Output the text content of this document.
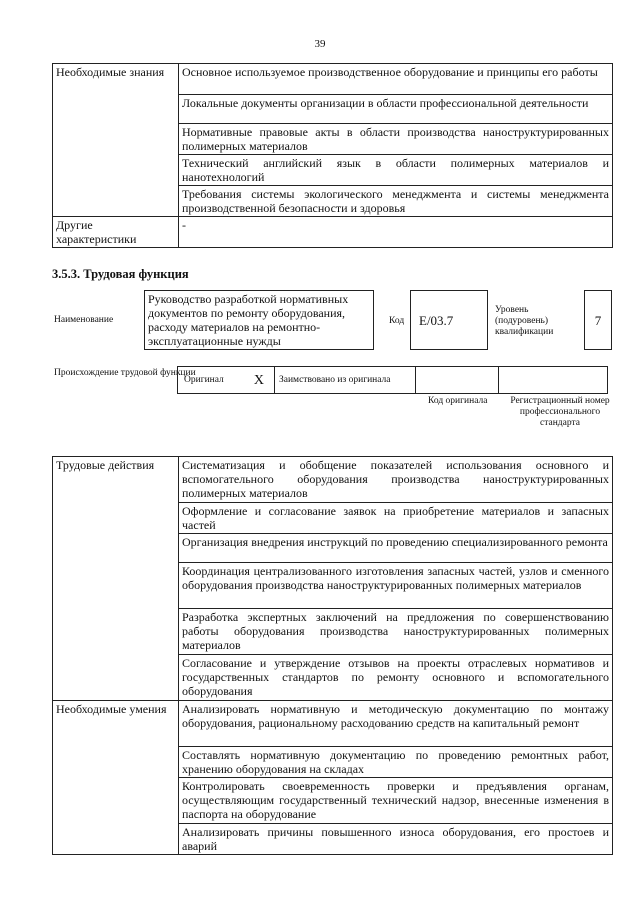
39
Необходимые знания	Основное используемое производственное оборудование и принципы его работы
	Локальные документы организации в области профессиональной деятельности
	Нормативные правовые акты в области производства наноструктурированных полимерных материалов
	Технический английский язык в области полимерных материалов и нанотехнологий
	Требования системы экологического менеджмента и системы менеджмента производственной безопасности и здоровья
Другие характеристики	-
3.5.3. Трудовая функция
Наименование
Руководство разработкой нормативных документов по ремонту оборудования, расходу материалов на ремонтно-эксплуатационные нужды
Код	Е/03.7
Уровень (подуровень) квалификации
7
Происхождение трудовой функции
Оригинал X	Заимствовано из оригинала
Код оригинала Регистрационный номер профессионального стандарта
Трудовые действия	Систематизация и обобщение показателей использования основного и вспомогательного оборудования производства наноструктурированных полимерных материалов
	Оформление и согласование заявок на приобретение материалов и запасных частей
	Организация внедрения инструкций по проведению специализированного ремонта
	Координация централизованного изготовления запасных частей, узлов и сменного оборудования производства наноструктурированных полимерных материалов
	Разработка экспертных заключений на предложения по совершенствованию работы оборудования производства наноструктурированных полимерных материалов
	Согласование и утверждение отзывов на проекты отраслевых нормативов и государственных стандартов по ремонту основного и вспомогательного оборудования
Необходимые умения	Анализировать нормативную и методическую документацию по монтажу оборудования, рациональному расходованию средств на капитальный ремонт
	Составлять нормативную документацию по проведению ремонтных работ, хранению оборудования на складах
	Контролировать своевременность проверки и предъявления органам, осуществляющим государственный технический надзор, внесенные изменения в паспорта на оборудование
	Анализировать причины повышенного износа оборудования, его простоев и аварий
